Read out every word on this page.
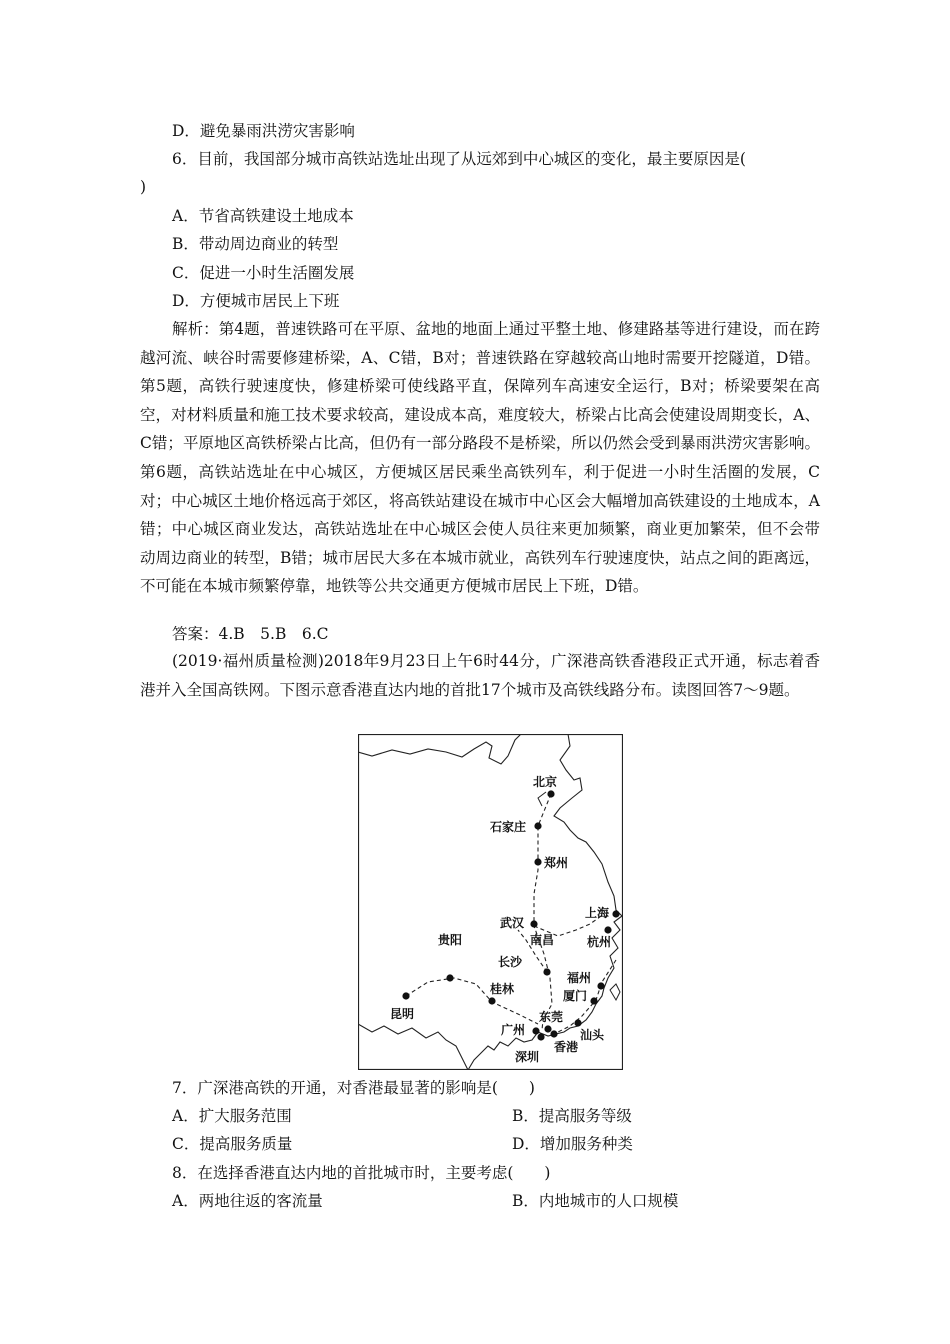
D．避免暴雨洪涝灾害影响
6．目前，我国部分城市高铁站选址出现了从远郊到中心城区的变化，最主要原因是(
)
A．节省高铁建设土地成本
B．带动周边商业的转型
C．促进一小时生活圈发展
D．方便城市居民上下班
解析：第4题，普速铁路可在平原、盆地的地面上通过平整土地、修建路基等进行建设，而在跨越河流、峡谷时需要修建桥梁，A、C错，B对；普速铁路在穿越较高山地时需要开挖隧道，D错。第5题，高铁行驶速度快，修建桥梁可使线路平直，保障列车高速安全运行，B对；桥梁要架在高空，对材料质量和施工技术要求较高，建设成本高，难度较大，桥梁占比高会使建设周期变长，A、C错；平原地区高铁桥梁占比高，但仍有一部分路段不是桥梁，所以仍然会受到暴雨洪涝灾害影响。第6题，高铁站选址在中心城区，方便城区居民乘坐高铁列车，利于促进一小时生活圈的发展，C对；中心城区土地价格远高于郊区，将高铁站建设在城市中心区会大幅增加高铁建设的土地成本，A错；中心城区商业发达，高铁站选址在中心城区会使人员往来更加频繁，商业更加繁荣，但不会带动周边商业的转型，B错；城市居民大多在本城市就业，高铁列车行驶速度快，站点之间的距离远，不可能在本城市频繁停靠，地铁等公共交通更方便城市居民上下班，D错。
答案：4.B　5.B　6.C
(2019·福州质量检测)2018年9月23日上午6时44分，广深港高铁香港段正式开通，标志着香港并入全国高铁网。下图示意香港直达内地的首批17个城市及高铁线路分布。读图回答7～9题。
北京
石家庄
郑州
武汉
上海
南昌	杭州
长沙
贵阳
福州
桂林	厦门
昆明	东莞
广州	汕头
香港
深圳
7．广深港高铁的开通，对香港最显著的影响是(　　)
A．扩大服务范围	B．提高服务等级
C．提高服务质量	D．增加服务种类
8．在选择香港直达内地的首批城市时，主要考虑(　　)
A．两地往返的客流量	B．内地城市的人口规模
